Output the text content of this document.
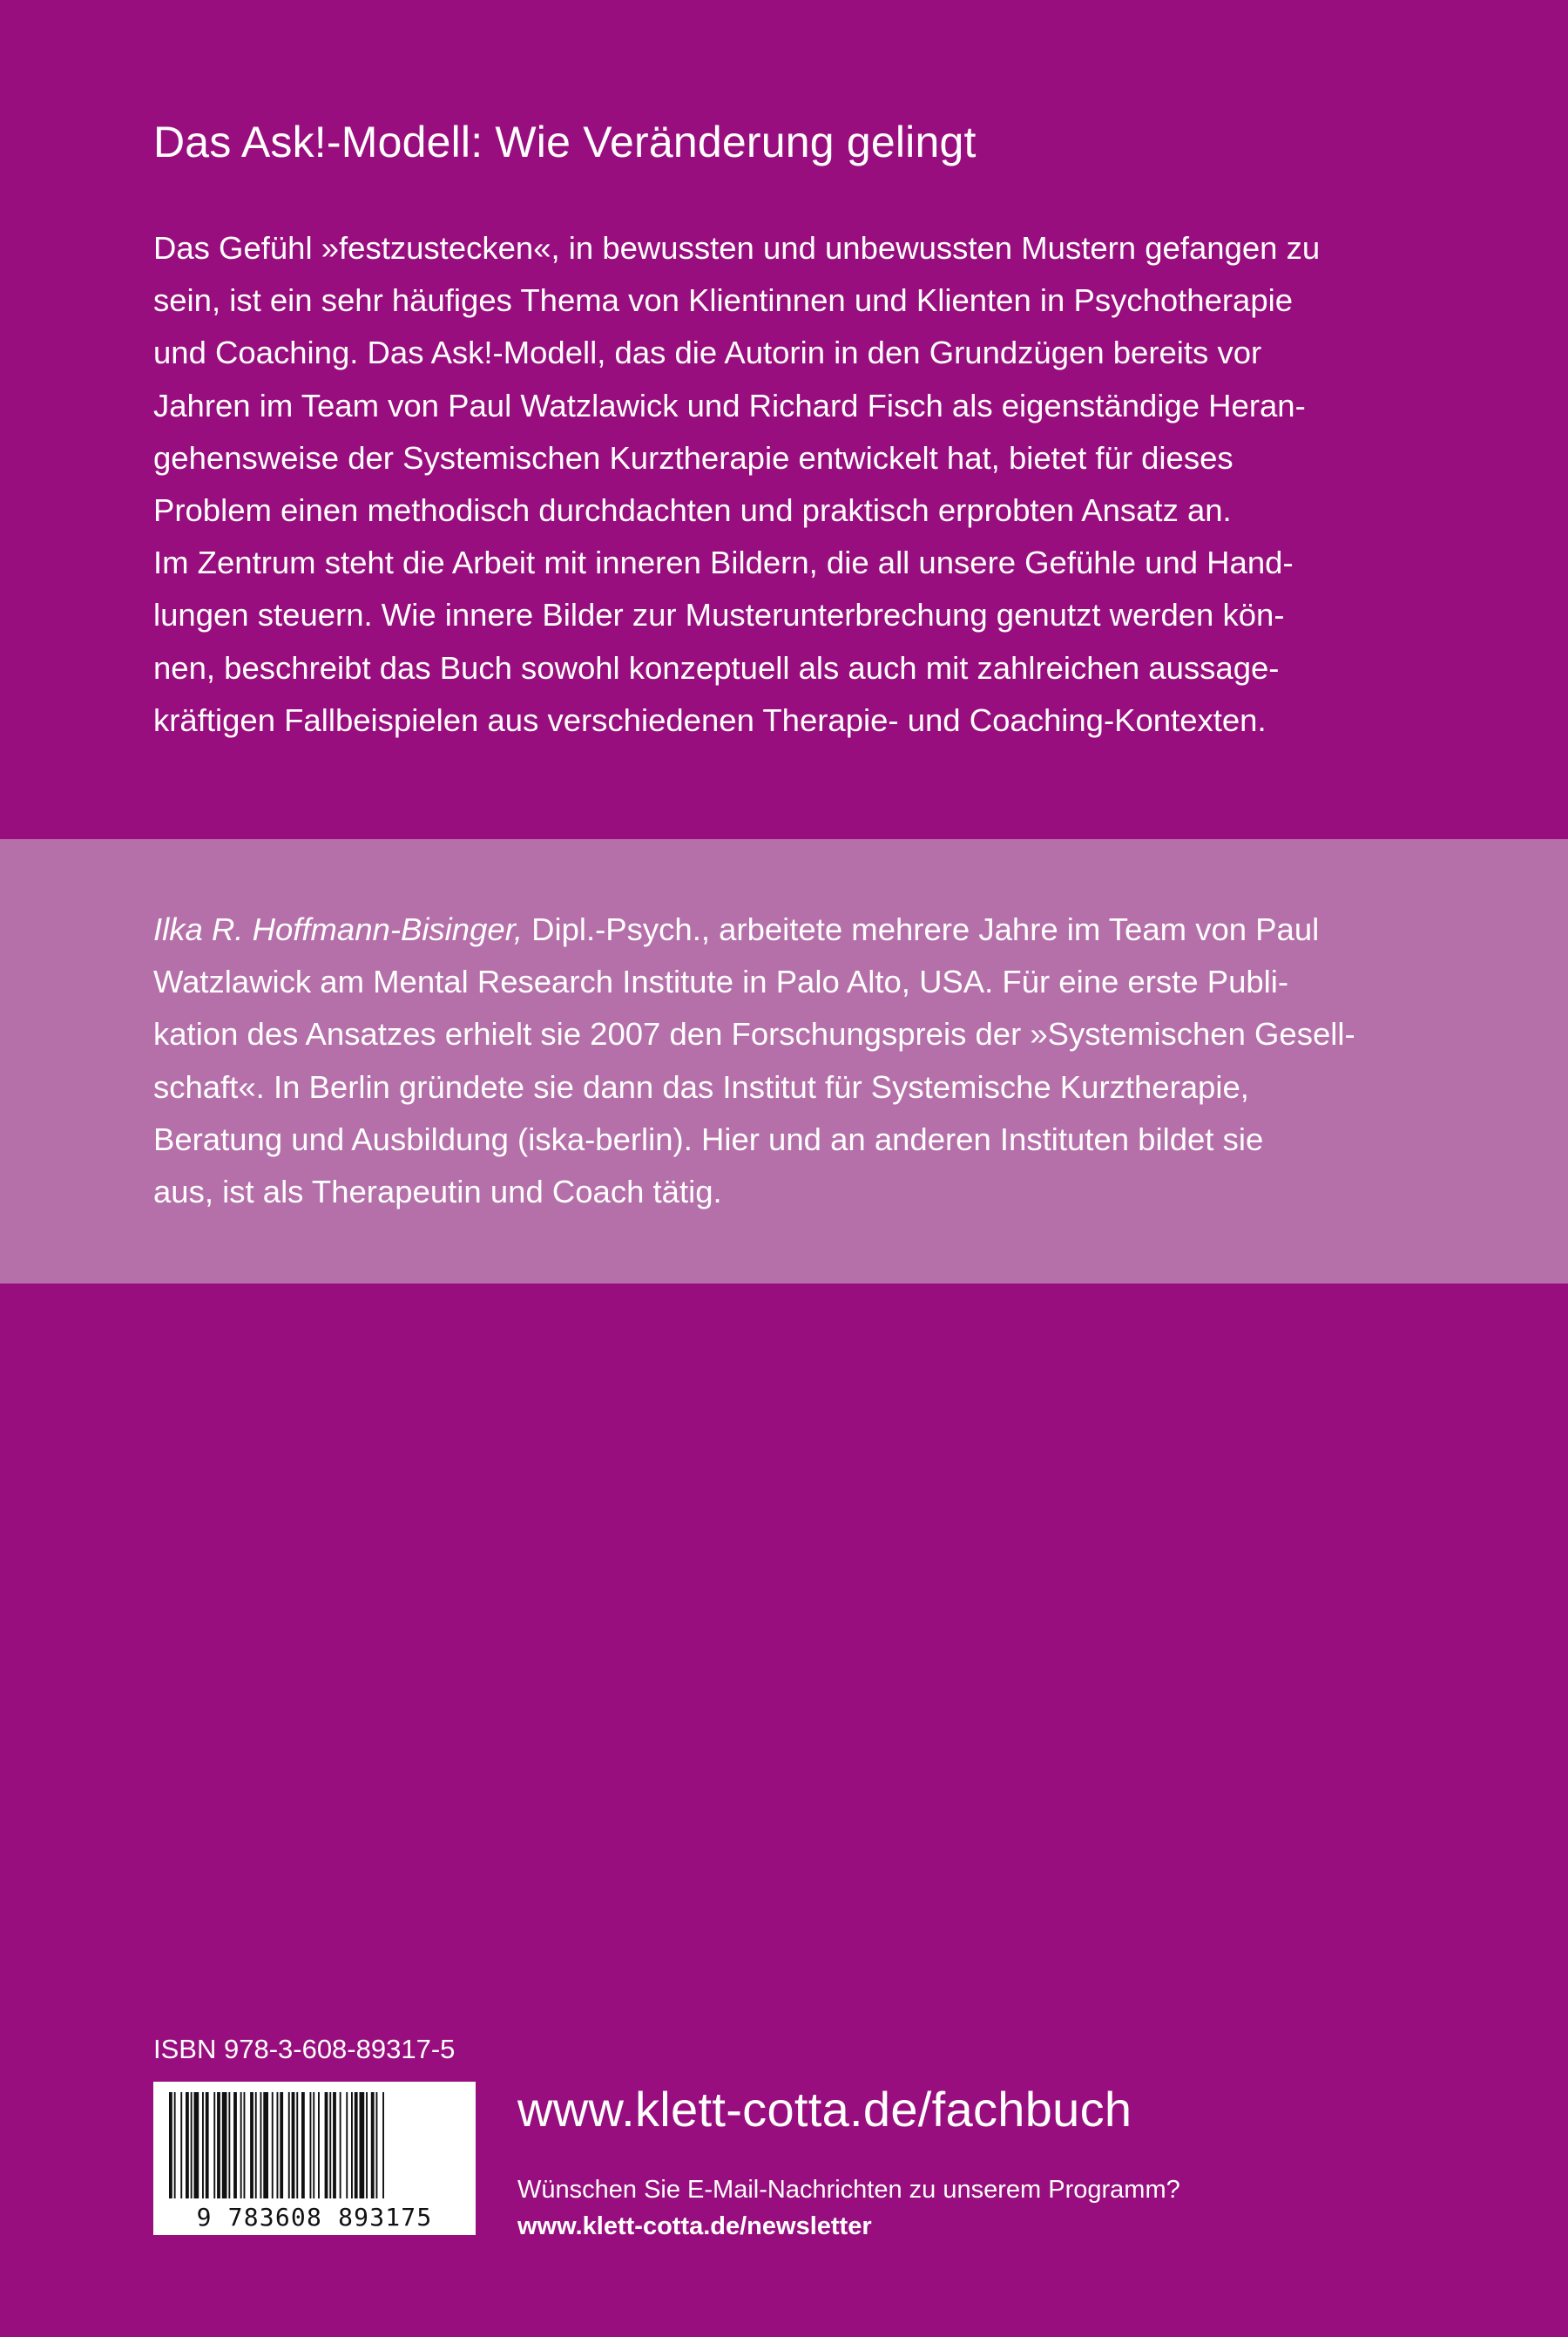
Das Ask!-Modell: Wie Veränderung gelingt
Das Gefühl »festzustecken«, in bewussten und unbewussten Mustern gefangen zu
sein, ist ein sehr häufiges Thema von Klientinnen und Klienten in Psychotherapie
und Coaching. Das Ask!-Modell, das die Autorin in den Grundzügen bereits vor
Jahren im Team von Paul Watzlawick und Richard Fisch als eigenständige Heran-
gehensweise der Systemischen Kurztherapie entwickelt hat, bietet für dieses
Problem einen methodisch durchdachten und praktisch erprobten Ansatz an.
Im Zentrum steht die Arbeit mit inneren Bildern, die all unsere Gefühle und Hand-
lungen steuern. Wie innere Bilder zur Musterunterbrechung genutzt werden kön-
nen, beschreibt das Buch sowohl konzeptuell als auch mit zahlreichen aussage-
kräftigen Fallbeispielen aus verschiedenen Therapie- und Coaching-Kontexten.
Ilka R. Hoffmann-Bisinger, Dipl.-Psych., arbeitete mehrere Jahre im Team von Paul
Watzlawick am Mental Research Institute in Palo Alto, USA. Für eine erste Publi-
kation des Ansatzes erhielt sie 2007 den Forschungspreis der »Systemischen Gesell-
schaft«. In Berlin gründete sie dann das Institut für Systemische Kurztherapie,
Beratung und Ausbildung (iska-berlin). Hier und an anderen Instituten bildet sie
aus, ist als Therapeutin und Coach tätig.
ISBN 978-3-608-89317-5
9 783608 893175
www.klett-cotta.de/fachbuch
Wünschen Sie E-Mail-Nachrichten zu unserem Programm?
www.klett-cotta.de/newsletter
